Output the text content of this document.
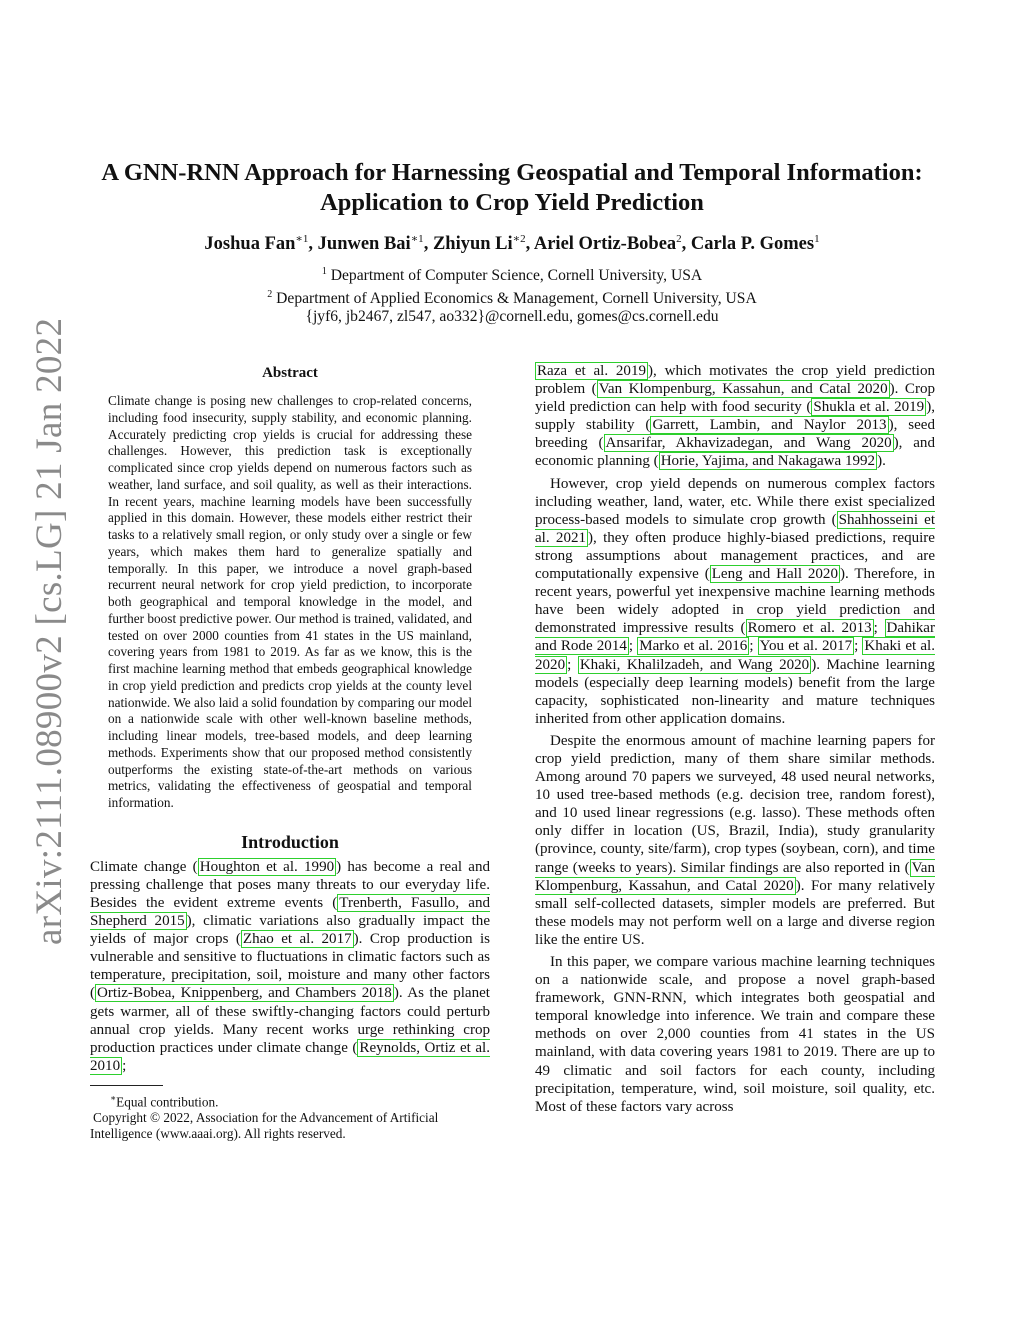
arXiv:2111.08900v2 [cs.LG] 21 Jan 2022
A GNN-RNN Approach for Harnessing Geospatial and Temporal Information:
Application to Crop Yield Prediction
Joshua Fan$^{∗1}$, Junwen Bai$^{∗1}$, Zhiyun $Li^{∗2}$, Ariel Ortiz-Bobea$^2$, Carla P. Gomes$^1$
$^1$ Department of Computer Science, Cornell University, USA
$^2$ Department of Applied Economics & Management, Cornell University, USA
{jyf6, jb2467, zl547, ao332}@cornell.edu, gomes@cs.cornell.edu
Abstract
Climate change is posing new challenges to crop-related concerns, including food insecurity, supply stability, and economic planning. Accurately predicting crop yields is crucial for addressing these challenges. However, this prediction task is exceptionally complicated since crop yields depend on numerous factors such as weather, land surface, and soil quality, as well as their interactions. In recent years, machine learning models have been successfully applied in this domain. However, these models either restrict their tasks to a relatively small region, or only study over a single or few years, which makes them hard to generalize spatially and temporally. In this paper, we introduce a novel graph-based recurrent neural network for crop yield prediction, to incorporate both geographical and temporal knowledge in the model, and further boost predictive power. Our method is trained, validated, and tested on over 2000 counties from 41 states in the US mainland, covering years from 1981 to 2019. As far as we know, this is the first machine learning method that embeds geographical knowledge in crop yield prediction and predicts crop yields at the county level nationwide. We also laid a solid foundation by comparing our model on a nationwide scale with other well-known baseline methods, including linear models, tree-based models, and deep learning methods. Experiments show that our proposed method consistently outperforms the existing state-of-the-art methods on various metrics, validating the effectiveness of geospatial and temporal information.
Introduction

Climate change ( Houghton et al. 1990 ) has become a real and pressing challenge that poses many threats to our everyday life. Besides the evident extreme events ( Trenberth, Fasullo, and Shepherd 2015 ), climatic variations also gradually impact the yields of major crops ( Zhao et al. 2017 ). Crop production is vulnerable and sensitive to fluctuations in climatic factors such as temperature, precipitation, soil, moisture and many other factors ( Ortiz-Bobea, Knippenberg, and Chambers 2018 ). As the planet gets warmer, all of these swiftly-changing factors could perturb annual crop yields. Many recent works urge rethinking crop production practices under climate change ( Reynolds, Ortiz et al. 2010 ;

∗Equal contribution.
Copyright © 2022, Association for the Advancement of Artificial Intelligence (www.aaai.org). All rights reserved.

Raza et al. 2019 ), which motivates the crop yield prediction problem ( Van Klompenburg, Kassahun, and Catal 2020 ). Crop yield prediction can help with food security ( Shukla et al. 2019 ), supply stability ( Garrett, Lambin, and Naylor 2013 ), seed breeding ( Ansarifar, Akhavizadegan, and Wang 2020 ), and economic planning ( Horie, Yajima, and Nakagawa 1992 ).

However, crop yield depends on numerous complex factors including weather, land, water, etc. While there exist specialized process-based models to simulate crop growth ( Shahhosseini et al. 2021 ), they often produce highly-biased predictions, require strong assumptions about management practices, and are computationally expensive ( Leng and Hall 2020 ). Therefore, in recent years, powerful yet inexpensive machine learning methods have been widely adopted in crop yield prediction and demonstrated impressive results ( Romero et al. 2013 ; Dahikar and Rode 2014 ; Marko et al. 2016 ; You et al. 2017 ; Khaki et al. 2020 ; Khaki, Khalilzadeh, and Wang 2020 ). Machine learning models (especially deep learning models) benefit from the large capacity, sophisticated non-linearity and mature techniques inherited from other application domains.

Despite the enormous amount of machine learning papers for crop yield prediction, many of them share similar methods. Among around 70 papers we surveyed, 48 used neural networks, 10 used tree-based methods (e.g. decision tree, random forest), and 10 used linear regressions (e.g. lasso). These methods often only differ in location (US, Brazil, India), study granularity (province, county, site/farm), crop types (soybean, corn), and time range (weeks to years). Similar findings are also reported in ( Van Klompenburg, Kassahun, and Catal 2020 ). For many relatively small self-collected datasets, simpler models are preferred. But these models may not perform well on a large and diverse region like the entire US.

In this paper, we compare various machine learning techniques on a nationwide scale, and propose a novel graph-based framework, GNN-RNN, which integrates both geospatial and temporal knowledge into inference. We train and compare these methods on over 2,000 counties from 41 states in the US mainland, with data covering years 1981 to 2019. There are up to 49 climatic and soil factors for each county, including precipitation, temperature, wind, soil moisture, soil quality, etc. Most of these factors vary across
